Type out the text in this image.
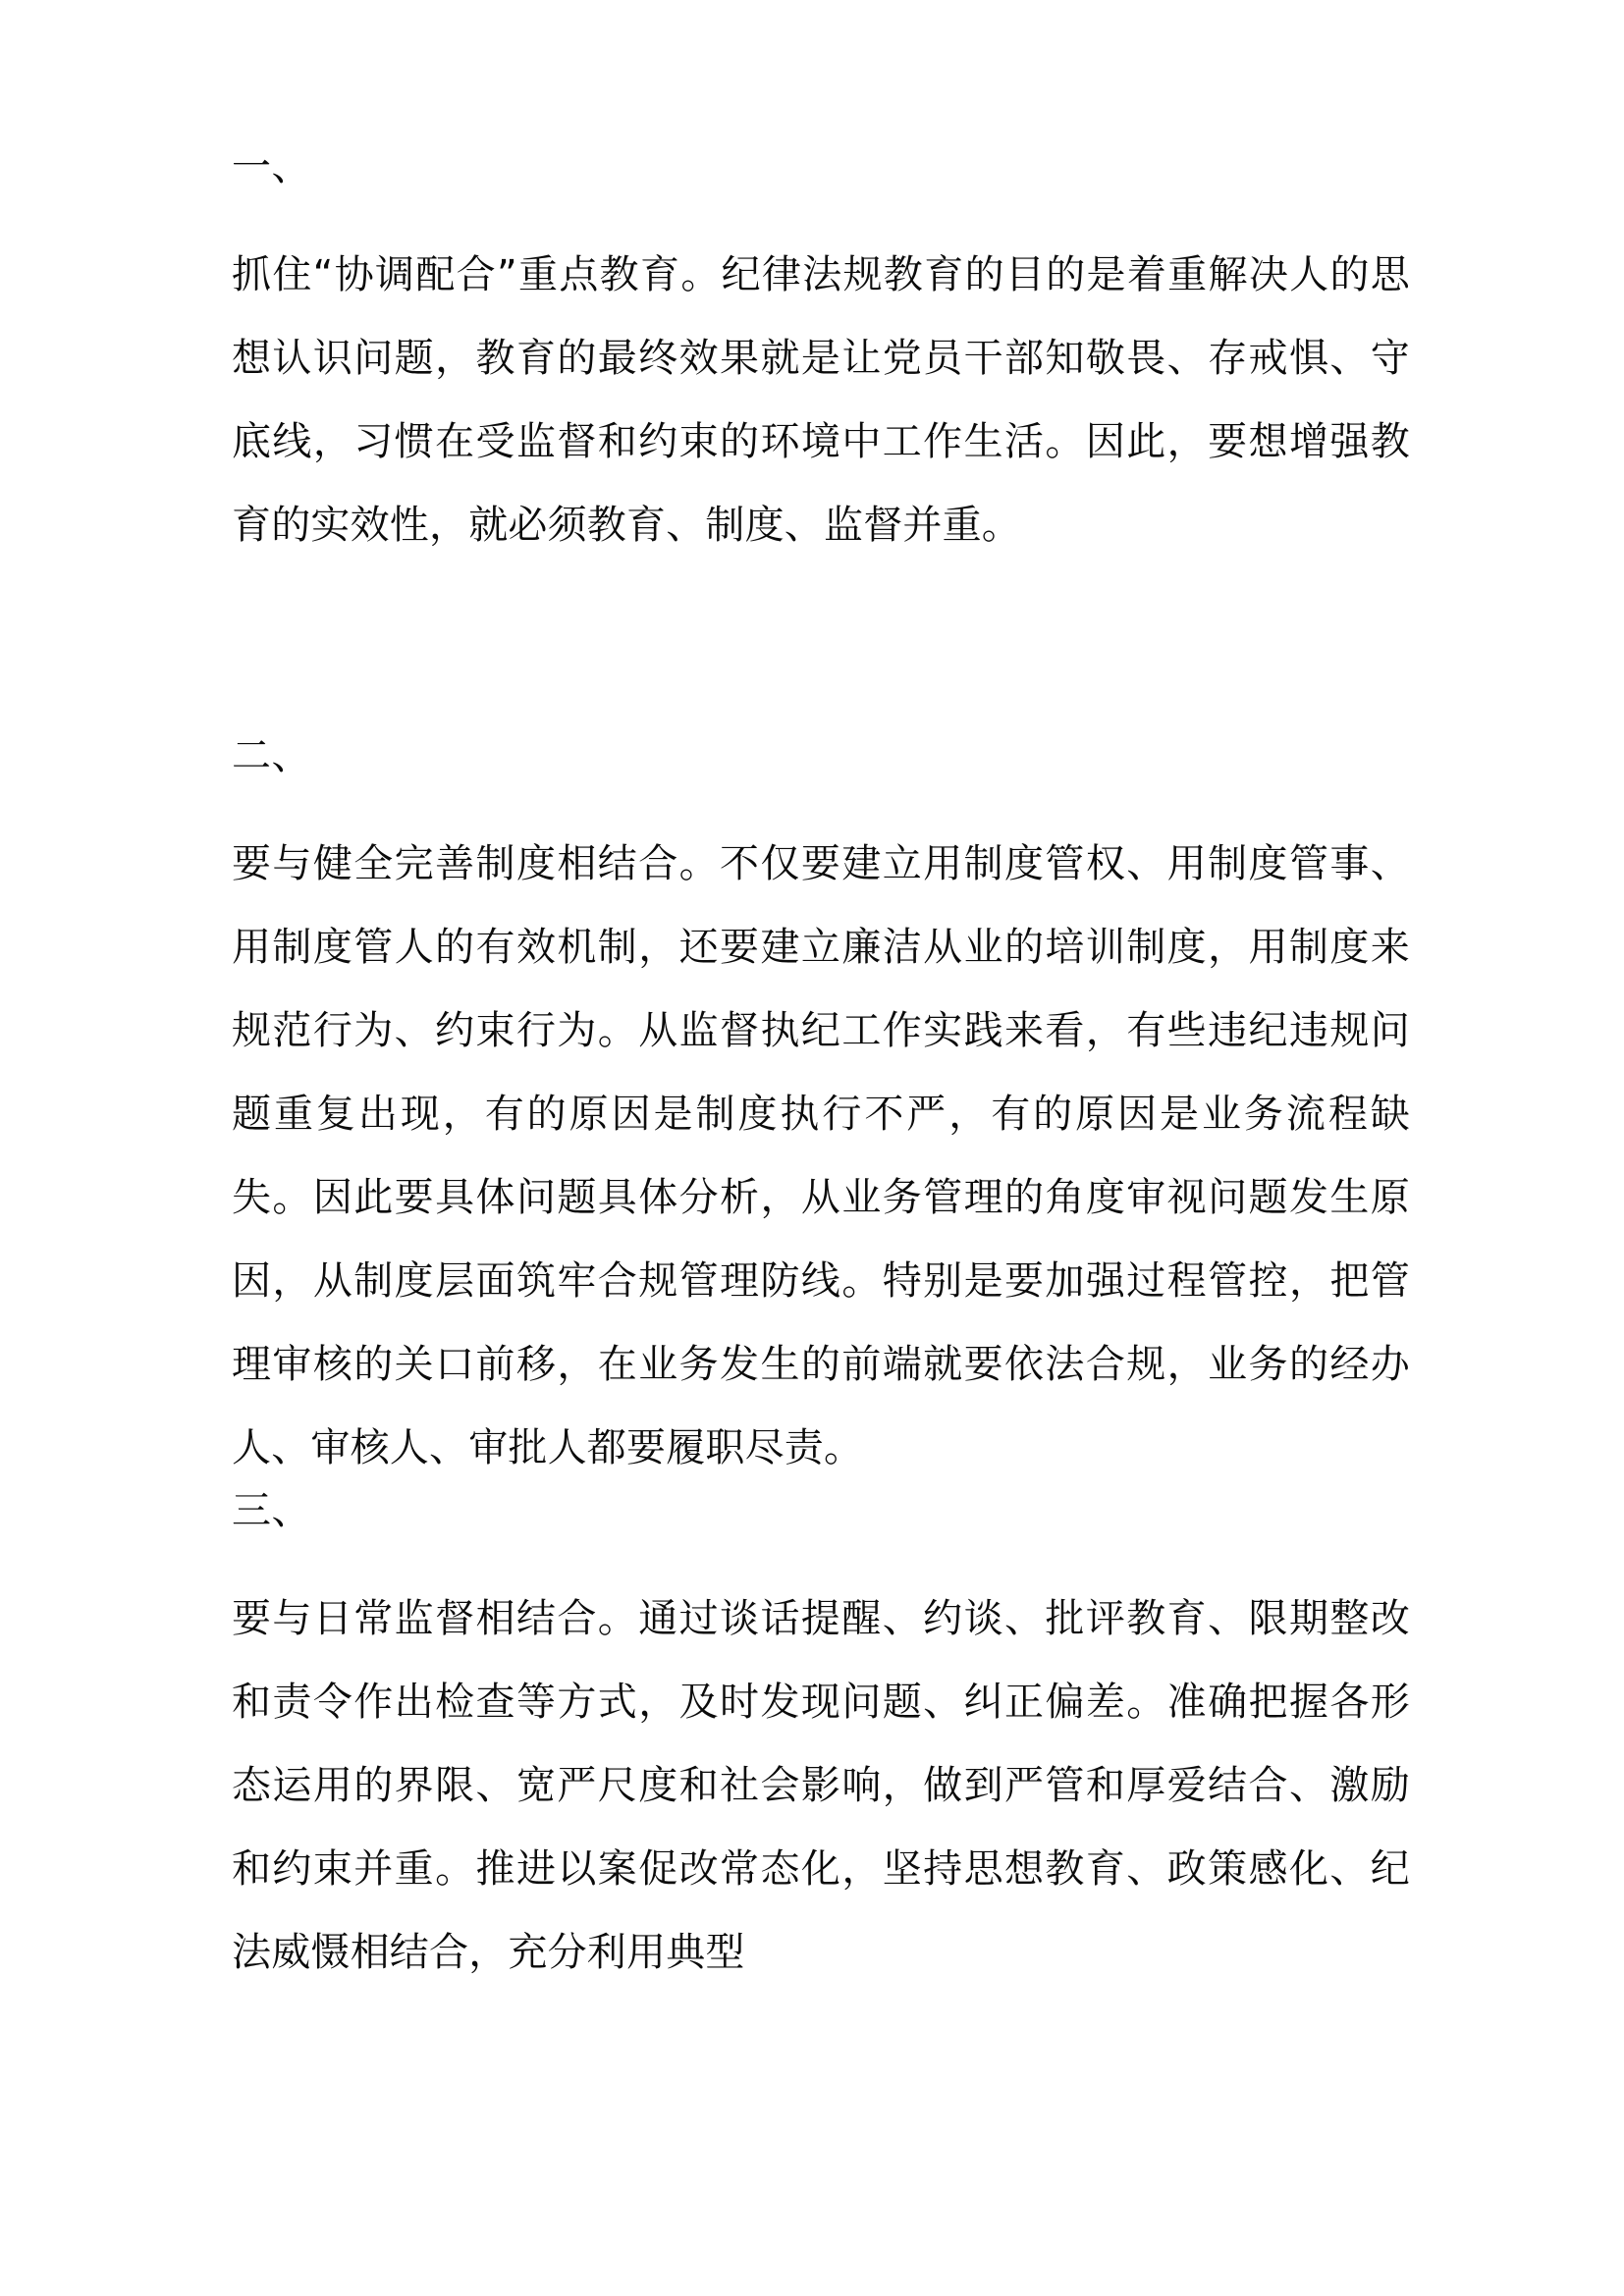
一、

抓住“协调配合”重点教育。纪律法规教育的目的是着重解决人的思想认识问题，教育的最终效果就是让党员干部知敬畏、存戒惧、守底线，习惯在受监督和约束的环境中工作生活。因此，要想增强教育的实效性，就必须教育、制度、监督并重。

二、

要与健全完善制度相结合。不仅要建立用制度管权、用制度管事、用制度管人的有效机制，还要建立廉洁从业的培训制度，用制度来规范行为、约束行为。从监督执纪工作实践来看，有些违纪违规问题重复出现，有的原因是制度执行不严，有的原因是业务流程缺失。因此要具体问题具体分析，从业务管理的角度审视问题发生原因，从制度层面筑牢合规管理防线。特别是要加强过程管控，把管理审核的关口前移，在业务发生的前端就要依法合规，业务的经办人、审核人、审批人都要履职尽责。

三、

要与日常监督相结合。通过谈话提醒、约谈、批评教育、限期整改和责令作出检查等方式，及时发现问题、纠正偏差。准确把握各形态运用的界限、宽严尺度和社会影响，做到严管和厚爱结合、激励和约束并重。推进以案促改常态化，坚持思想教育、政策感化、纪法威慑相结合，充分利用典型
